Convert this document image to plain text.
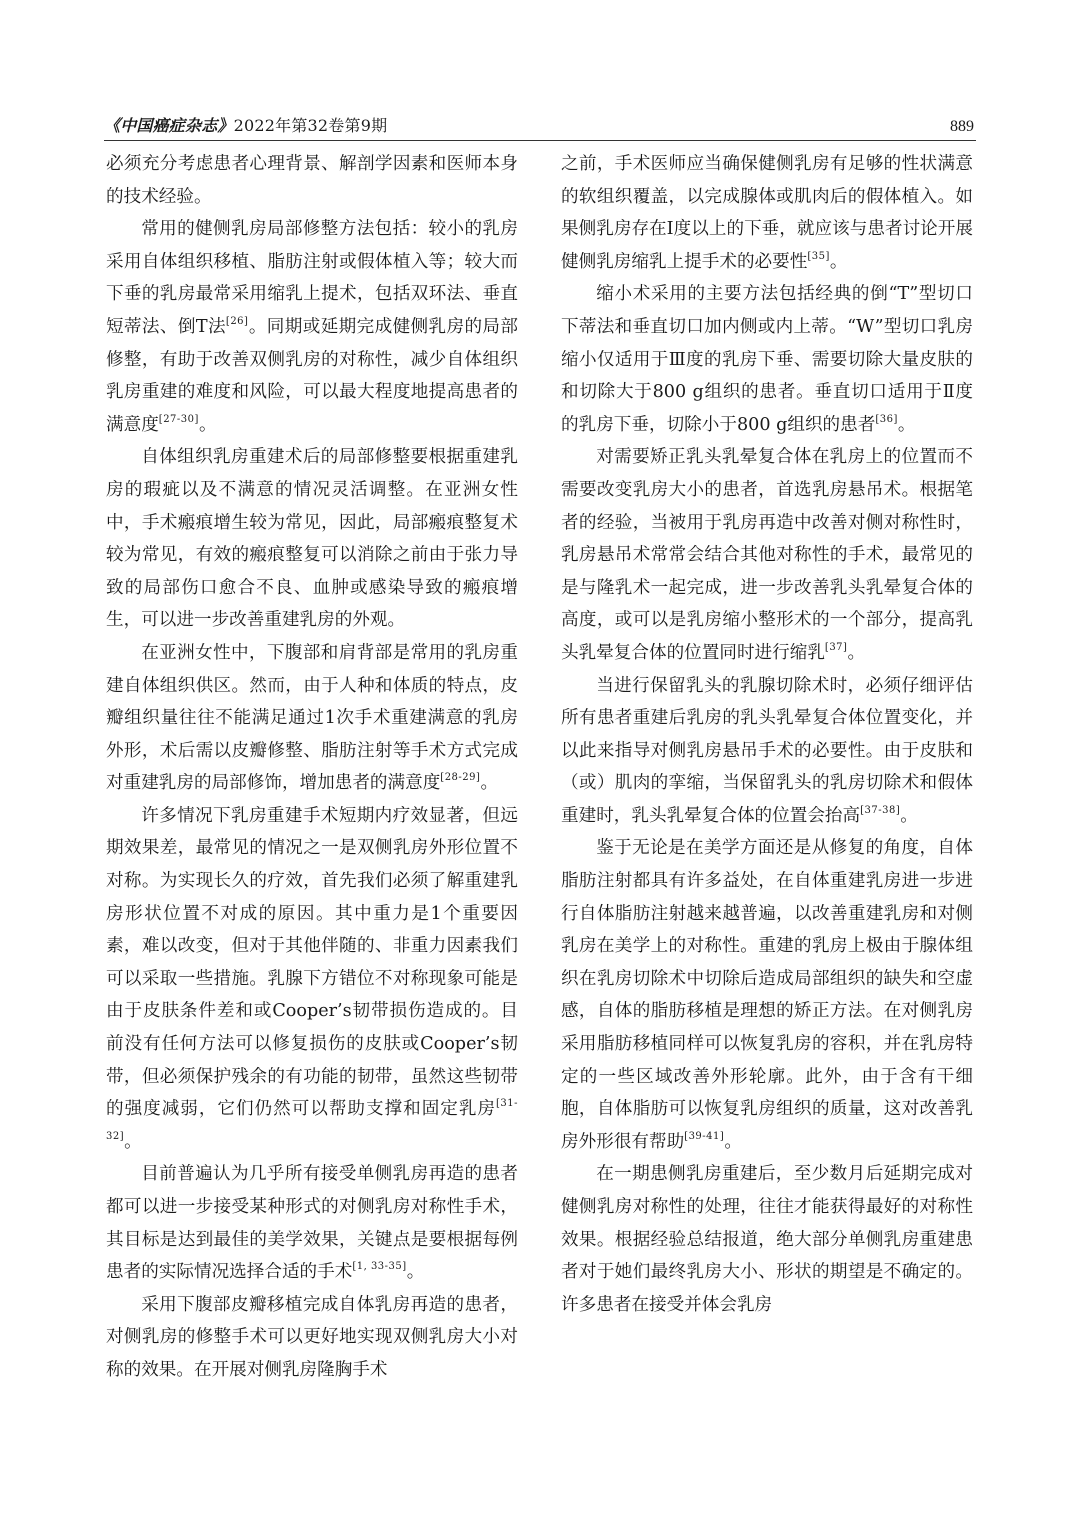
《中国癌症杂志》2022年第32卷第9期	889

必须充分考虑患者心理背景、解剖学因素和医师本身的技术经验。

常用的健侧乳房局部修整方法包括：较小的乳房采用自体组织移植、脂肪注射或假体植入等；较大而下垂的乳房最常采用缩乳上提术，包括双环法、垂直短蒂法、倒T法[26]。同期或延期完成健侧乳房的局部修整，有助于改善双侧乳房的对称性，减少自体组织乳房重建的难度和风险，可以最大程度地提高患者的满意度[27-30]。

自体组织乳房重建术后的局部修整要根据重建乳房的瑕疵以及不满意的情况灵活调整。在亚洲女性中，手术瘢痕增生较为常见，因此，局部瘢痕整复术较为常见，有效的瘢痕整复可以消除之前由于张力导致的局部伤口愈合不良、血肿或感染导致的瘢痕增生，可以进一步改善重建乳房的外观。

在亚洲女性中，下腹部和肩背部是常用的乳房重建自体组织供区。然而，由于人种和体质的特点，皮瓣组织量往往不能满足通过1次手术重建满意的乳房外形，术后需以皮瓣修整、脂肪注射等手术方式完成对重建乳房的局部修饰，增加患者的满意度[28-29]。

许多情况下乳房重建手术短期内疗效显著，但远期效果差，最常见的情况之一是双侧乳房外形位置不对称。为实现长久的疗效，首先我们必须了解重建乳房形状位置不对成的原因。其中重力是1个重要因素，难以改变，但对于其他伴随的、非重力因素我们可以采取一些措施。乳腺下方错位不对称现象可能是由于皮肤条件差和或Cooper’s韧带损伤造成的。目前没有任何方法可以修复损伤的皮肤或Cooper’s韧带，但必须保护残余的有功能的韧带，虽然这些韧带的强度减弱，它们仍然可以帮助支撑和固定乳房[31-32]。

目前普遍认为几乎所有接受单侧乳房再造的患者都可以进一步接受某种形式的对侧乳房对称性手术，其目标是达到最佳的美学效果，关键点是要根据每例患者的实际情况选择合适的手术[1, 33-35]。

采用下腹部皮瓣移植完成自体乳房再造的患者，对侧乳房的修整手术可以更好地实现双侧乳房大小对称的效果。在开展对侧乳房隆胸手术

之前，手术医师应当确保健侧乳房有足够的性状满意的软组织覆盖，以完成腺体或肌肉后的假体植入。如果侧乳房存在Ⅰ度以上的下垂，就应该与患者讨论开展健侧乳房缩乳上提手术的必要性[35]。

缩小术采用的主要方法包括经典的倒“T”型切口下蒂法和垂直切口加内侧或内上蒂。“W”型切口乳房缩小仅适用于Ⅲ度的乳房下垂、需要切除大量皮肤的和切除大于800 g组织的患者。垂直切口适用于Ⅱ度的乳房下垂，切除小于800 g组织的患者[36]。

对需要矫正乳头乳晕复合体在乳房上的位置而不需要改变乳房大小的患者，首选乳房悬吊术。根据笔者的经验，当被用于乳房再造中改善对侧对称性时，乳房悬吊术常常会结合其他对称性的手术，最常见的是与隆乳术一起完成，进一步改善乳头乳晕复合体的高度，或可以是乳房缩小整形术的一个部分，提高乳头乳晕复合体的位置同时进行缩乳[37]。

当进行保留乳头的乳腺切除术时，必须仔细评估所有患者重建后乳房的乳头乳晕复合体位置变化，并以此来指导对侧乳房悬吊手术的必要性。由于皮肤和（或）肌肉的挛缩，当保留乳头的乳房切除术和假体重建时，乳头乳晕复合体的位置会抬高[37-38]。

鉴于无论是在美学方面还是从修复的角度，自体脂肪注射都具有许多益处，在自体重建乳房进一步进行自体脂肪注射越来越普遍，以改善重建乳房和对侧乳房在美学上的对称性。重建的乳房上极由于腺体组织在乳房切除术中切除后造成局部组织的缺失和空虚感，自体的脂肪移植是理想的矫正方法。在对侧乳房采用脂肪移植同样可以恢复乳房的容积，并在乳房特定的一些区域改善外形轮廓。此外，由于含有干细胞，自体脂肪可以恢复乳房组织的质量，这对改善乳房外形很有帮助[39-41]。

在一期患侧乳房重建后，至少数月后延期完成对健侧乳房对称性的处理，往往才能获得最好的对称性效果。根据经验总结报道，绝大部分单侧乳房重建患者对于她们最终乳房大小、形状的期望是不确定的。许多患者在接受并体会乳房
